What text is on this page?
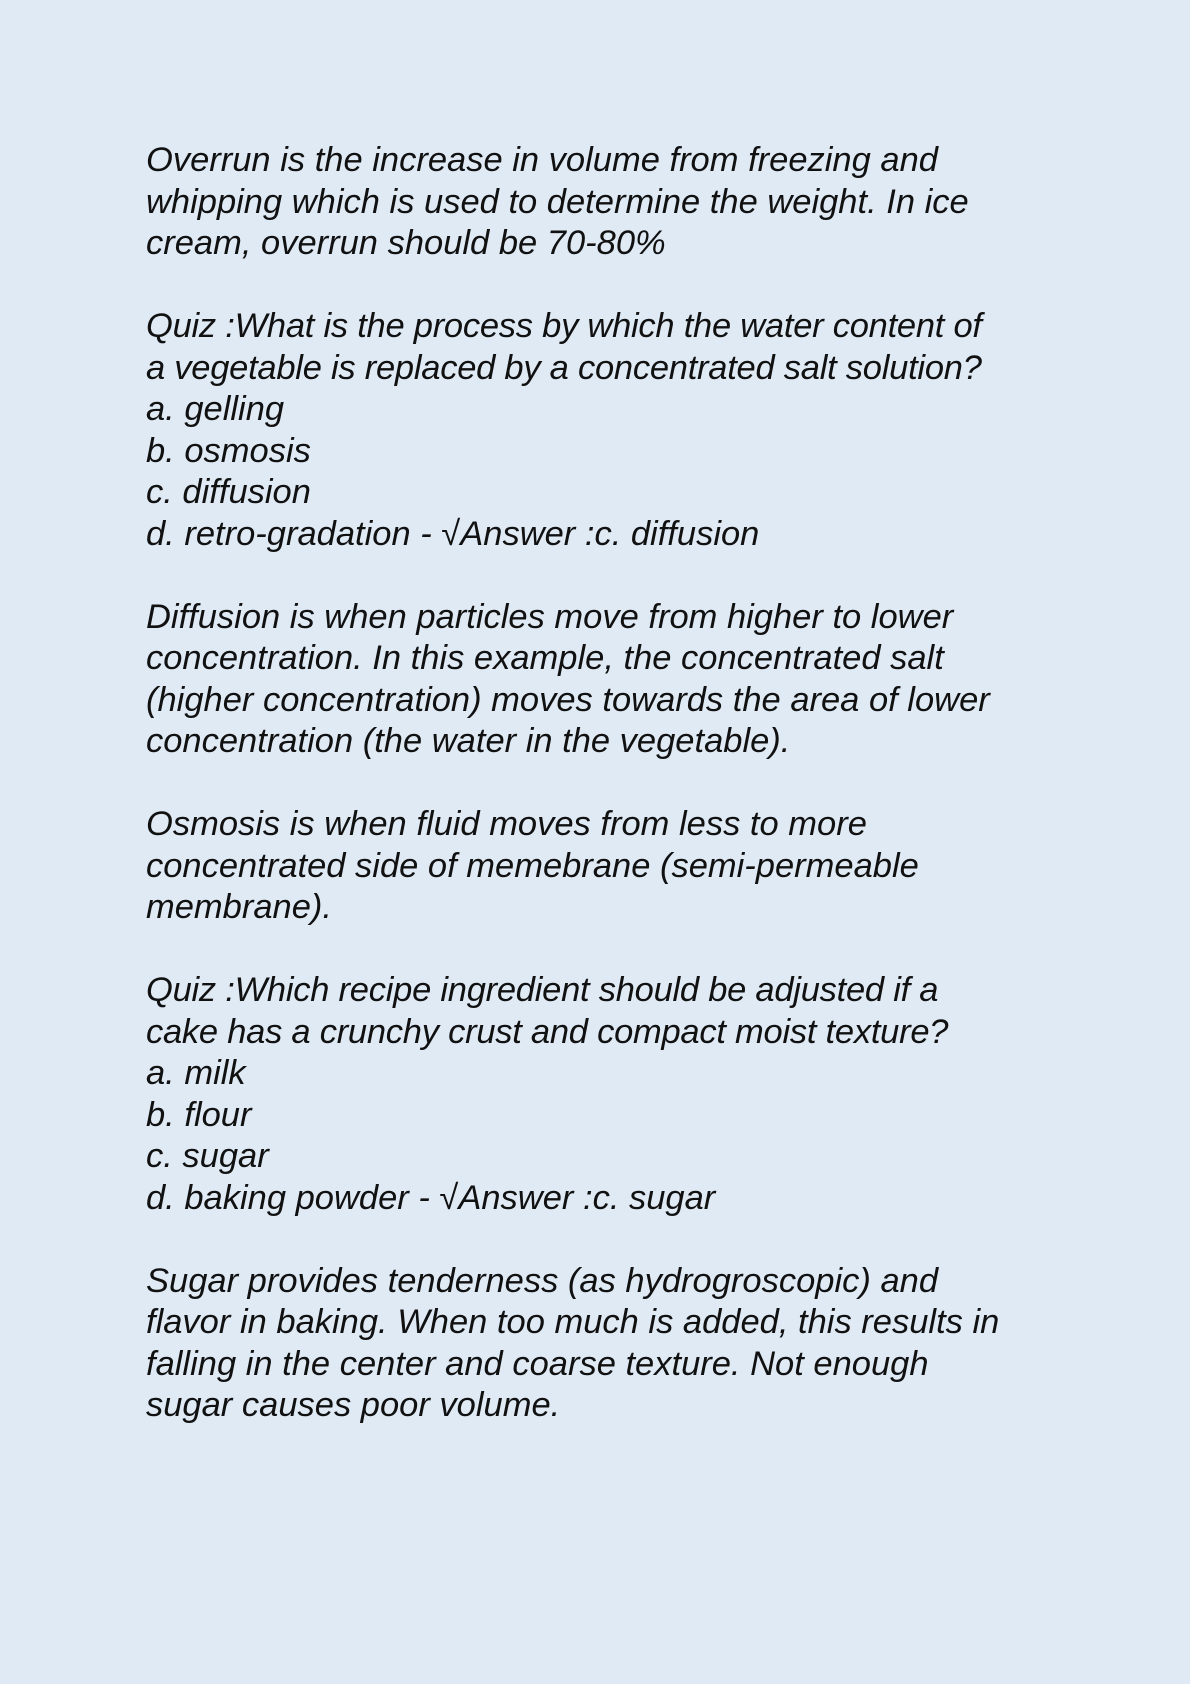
Overrun is the increase in volume from freezing and
whipping which is used to determine the weight. In ice
cream, overrun should be 70-80%
Quiz :What is the process by which the water content of
a vegetable is replaced by a concentrated salt solution?
a. gelling
b. osmosis
c. diffusion
d. retro-gradation - √Answer :c. diffusion
Diffusion is when particles move from higher to lower
concentration. In this example, the concentrated salt
(higher concentration) moves towards the area of lower
concentration (the water in the vegetable).
Osmosis is when fluid moves from less to more
concentrated side of memebrane (semi-permeable
membrane).
Quiz :Which recipe ingredient should be adjusted if a
cake has a crunchy crust and compact moist texture?
a. milk
b. flour
c. sugar
d. baking powder - √Answer :c. sugar
Sugar provides tenderness (as hydrogroscopic) and
flavor in baking. When too much is added, this results in
falling in the center and coarse texture. Not enough
sugar causes poor volume.
